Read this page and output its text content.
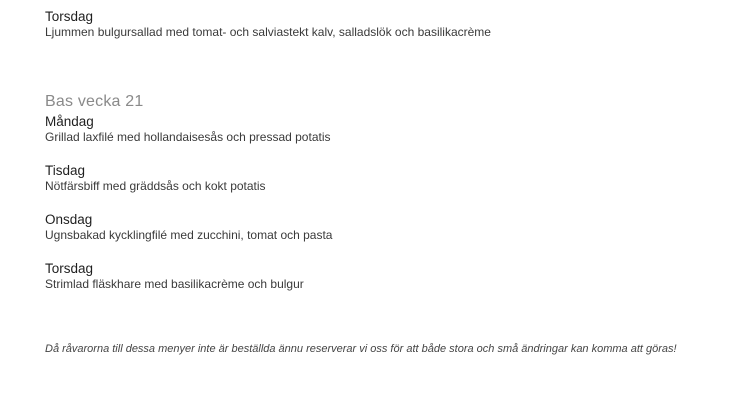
Torsdag
Ljummen bulgursallad med tomat- och salviastekt kalv, salladslök och basilikacrème
Bas vecka 21
Måndag
Grillad laxfilé med hollandaisesås och pressad potatis
Tisdag
Nötfärsbiff med gräddsås och kokt potatis
Onsdag
Ugnsbakad kycklingfilé med zucchini, tomat och pasta
Torsdag
Strimlad fläskhare med basilikacrème och bulgur
Då råvarorna till dessa menyer inte är beställda ännu reserverar vi oss för att både stora och små ändringar kan komma att göras!
